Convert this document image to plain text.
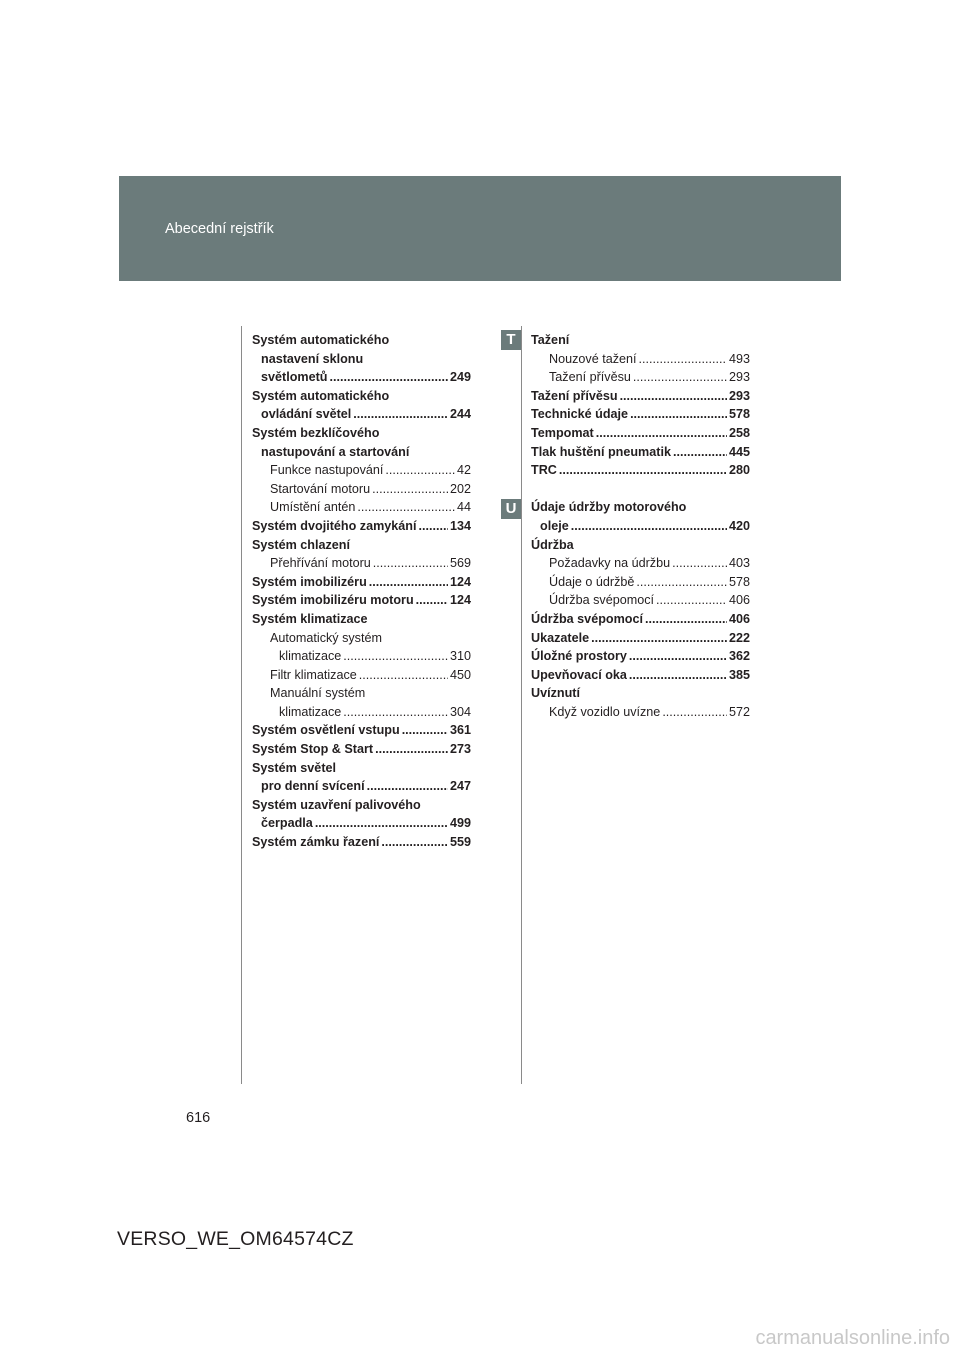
Abecední rejstřík
Systém automatického
nastavení sklonu
světlometů .....	249
Systém automatického
ovládání světel .....	244
Systém bezklíčového
nastupování a startování
Funkce nastupování .....	42
Startování motoru .....	202
Umístění antén .....	44
Systém dvojitého zamykání .....	134
Systém chlazení
Přehřívání motoru .....	569
Systém imobilizéru .....	124
Systém imobilizéru motoru .....	124
Systém klimatizace
Automatický systém
klimatizace .....	310
Filtr klimatizace .....	450
Manuální systém
klimatizace .....	304
Systém osvětlení vstupu .....	361
Systém Stop & Start .....	273
Systém světel
pro denní svícení .....	247
Systém uzavření palivového
čerpadla .....	499
Systém zámku řazení .....	559
Tažení
Nouzové tažení .....	493
Tažení přívěsu .....	293
Tažení přívěsu .....	293
Technické údaje .....	578
Tempomat .....	258
Tlak huštění pneumatik .....	445
TRC .....	280
Údaje údržby motorového
oleje .....	420
Údržba
Požadavky na údržbu .....	403
Údaje o údržbě .....	578
Údržba svépomocí .....	406
Údržba svépomocí .....	406
Ukazatele .....	222
Úložné prostory .....	362
Upevňovací oka .....	385
Uvíznutí
Když vozidlo uvízne .....	572
T
U
616
VERSO_WE_OM64574CZ
carmanualsonline.info
